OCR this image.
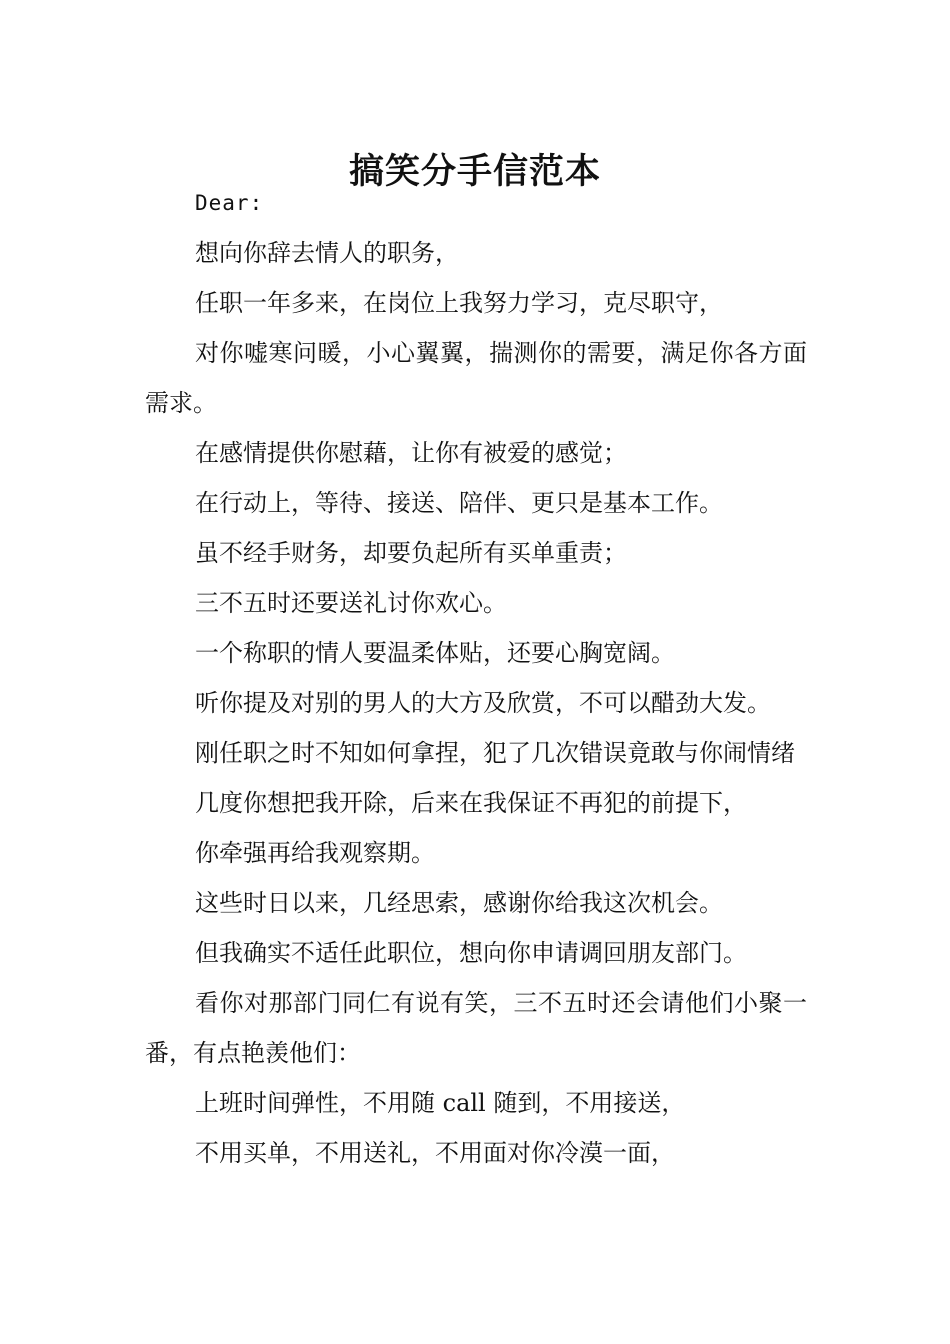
搞笑分手信范本

Dear:

想向你辞去情人的职务，

任职一年多来，在岗位上我努力学习，克尽职守，

对你嘘寒问暖，小心翼翼，揣测你的需要，满足你各方面需求。

在感情提供你慰藉，让你有被爱的感觉；

在行动上，等待、接送、陪伴、更只是基本工作。

虽不经手财务，却要负起所有买单重责；

三不五时还要送礼讨你欢心。

一个称职的情人要温柔体贴，还要心胸宽阔。

听你提及对别的男人的大方及欣赏，不可以醋劲大发。

刚任职之时不知如何拿捏，犯了几次错误竟敢与你闹情绪

几度你想把我开除，后来在我保证不再犯的前提下，

你牵强再给我观察期。

这些时日以来，几经思索，感谢你给我这次机会。

但我确实不适任此职位，想向你申请调回朋友部门。

看你对那部门同仁有说有笑，三不五时还会请他们小聚一番，有点艳羡他们：

上班时间弹性，不用随 call 随到，不用接送，

不用买单，不用送礼，不用面对你冷漠一面，
